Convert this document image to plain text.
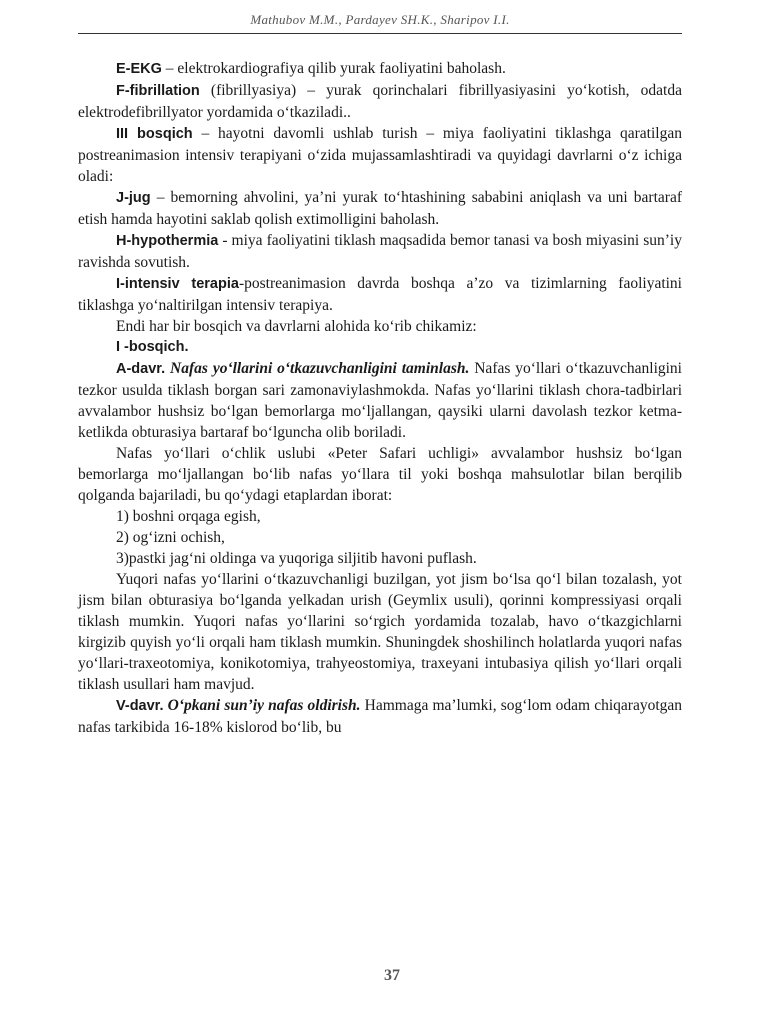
Mathubov M.M., Pardayev SH.K., Sharipov I.I.

E-EKG – elektrokardiografiya qilib yurak faoliyatini baholash.

F-fibrillation (fibrillyasiya) – yurak qorinchalari fibrillyasiyasini yo‘kotish, odatda elektrodefibrillyator yordamida o‘tkaziladi..

III bosqich – hayotni davomli ushlab turish – miya faoliyatini tiklashga qaratilgan postreanimasion intensiv terapiyani o‘zida mujassamlashtiradi va quyidagi davrlarni o‘z ichiga oladi:

J-jug – bemorning ahvolini, ya’ni yurak to‘htashining sababini aniqlash va uni bartaraf etish hamda hayotini saklab qolish extimolligini baholash.

H-hypothermia - miya faoliyatini tiklash maqsadida bemor tanasi va bosh miyasini sun’iy ravishda sovutish.

I-intensiv terapia-postreanimasion davrda boshqa a’zo va tizimlarning faoliyatini tiklashga yo‘naltirilgan intensiv terapiya.

Endi har bir bosqich va davrlarni alohida ko‘rib chikamiz:

I -bosqich.

A-davr. Nafas yo‘llarini o‘tkazuvchanligini taminlash. Nafas yo‘llari o‘tkazuvchanligini tezkor usulda tiklash borgan sari zamonaviylashmokda. Nafas yo‘llarini tiklash chora-tadbirlari avvalambor hushsiz bo‘lgan bemorlarga mo‘ljallangan, qaysiki ularni davolash tezkor ketma-ketlikda obturasiya bartaraf bo‘lguncha olib boriladi.

Nafas yo‘llari o‘chlik uslubi «Peter Safari uchligi» avvalambor hushsiz bo‘lgan bemorlarga mo‘ljallangan bo‘lib nafas yo‘llara til yoki boshqa mahsulotlar bilan berqilib qolganda bajariladi, bu qo‘ydagi etaplardan iborat:

1) boshni orqaga egish,

2) og‘izni ochish,

3)pastki jag‘ni oldinga va yuqoriga siljitib havoni puflash.

Yuqori nafas yo‘llarini o‘tkazuvchanligi buzilgan, yot jism bo‘lsa qo‘l bilan tozalash, yot jism bilan obturasiya bo‘lganda yelkadan urish (Geymlix usuli), qorinni kompressiyasi orqali tiklash mumkin. Yuqori nafas yo‘llarini so‘rgich yordamida tozalab, havo o‘tkazgichlarni kirgizib quyish yo‘li orqali ham tiklash mumkin. Shuningdek shoshilinch holatlarda yuqori nafas yo‘llari-traxeotomiya, konikotomiya, trahyeostomiya, traxeyani intubasiya qilish yo‘llari orqali tiklash usullari ham mavjud.

V-davr. O‘pkani sun’iy nafas oldirish. Hammaga ma’lumki, sog‘lom odam chiqarayotgan nafas tarkibida 16-18% kislorod bo‘lib, bu

37
